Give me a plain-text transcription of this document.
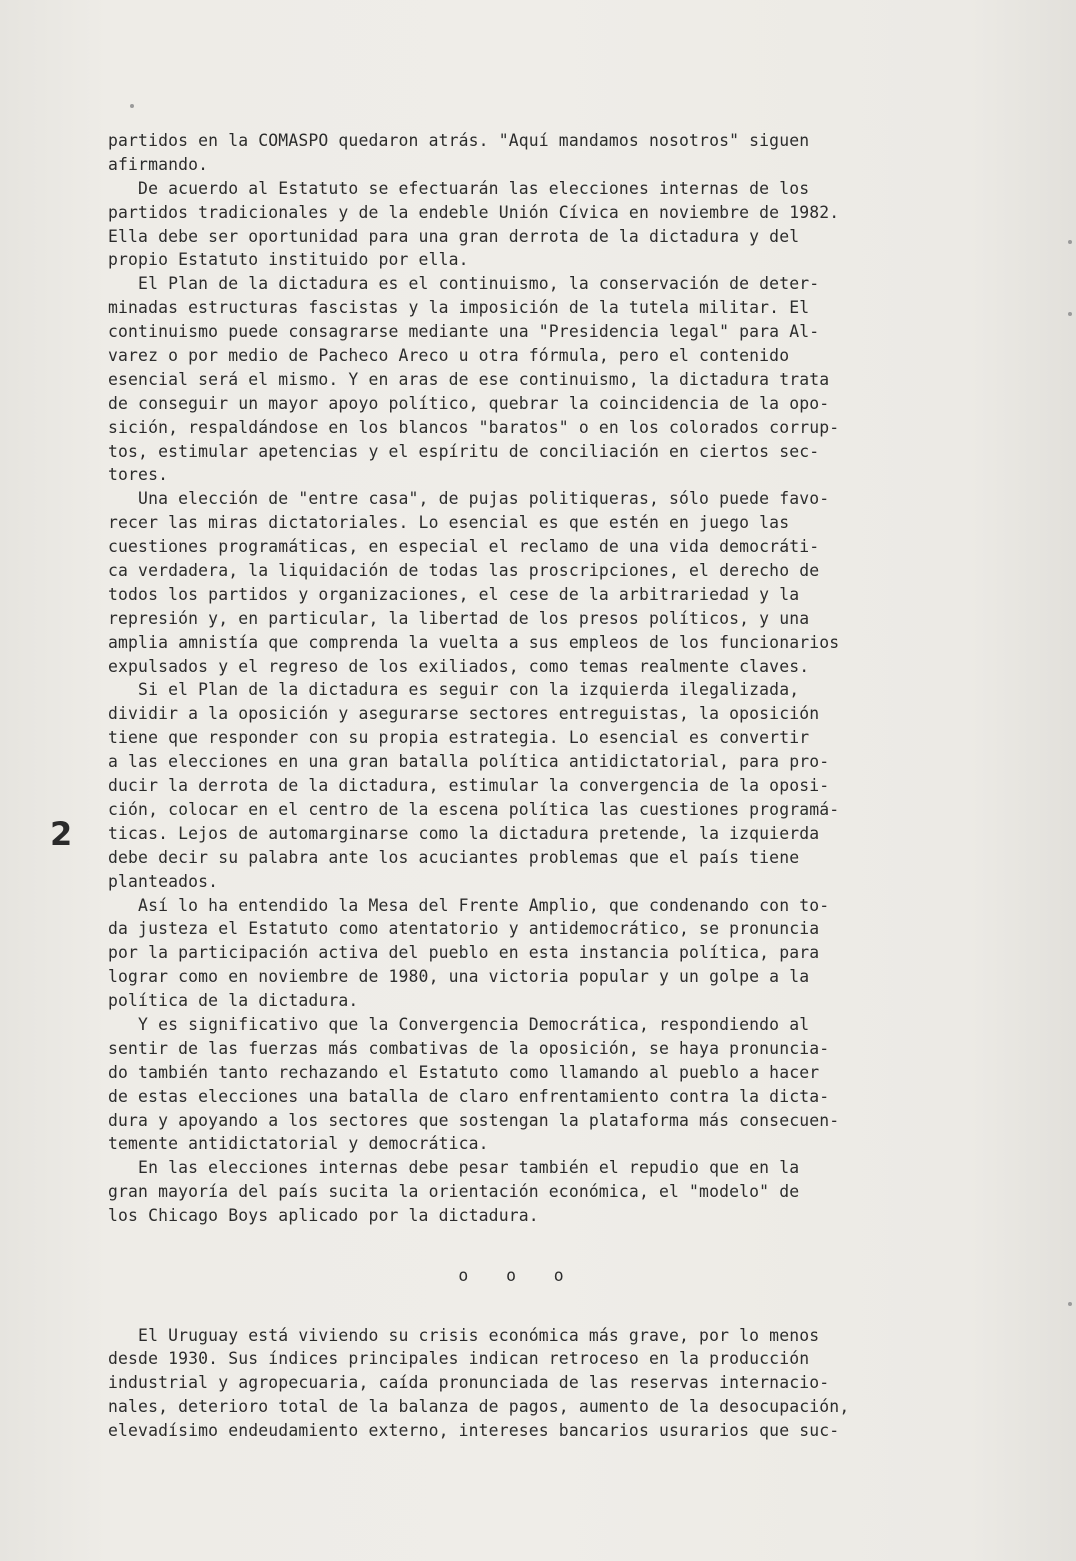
2
partidos en la COMASPO quedaron atrás. "Aquí mandamos nosotros" siguen
afirmando.
De acuerdo al Estatuto se efectuarán las elecciones internas de los
partidos tradicionales y de la endeble Unión Cívica en noviembre de 1982.
Ella debe ser oportunidad para una gran derrota de la dictadura y del
propio Estatuto instituido por ella.
El Plan de la dictadura es el continuismo, la conservación de deter-
minadas estructuras fascistas y la imposición de la tutela militar. El
continuismo puede consagrarse mediante una "Presidencia legal" para Al-
varez o por medio de Pacheco Areco u otra fórmula, pero el contenido
esencial será el mismo. Y en aras de ese continuismo, la dictadura trata
de conseguir un mayor apoyo político, quebrar la coincidencia de la opo-
sición, respaldándose en los blancos "baratos" o en los colorados corrup-
tos, estimular apetencias y el espíritu de conciliación en ciertos sec-
tores.
Una elección de "entre casa", de pujas politiqueras, sólo puede favo-
recer las miras dictatoriales. Lo esencial es que estén en juego las
cuestiones programáticas, en especial el reclamo de una vida democráti-
ca verdadera, la liquidación de todas las proscripciones, el derecho de
todos los partidos y organizaciones, el cese de la arbitrariedad y la
represión y, en particular, la libertad de los presos políticos, y una
amplia amnistía que comprenda la vuelta a sus empleos de los funcionarios
expulsados y el regreso de los exiliados, como temas realmente claves.
Si el Plan de la dictadura es seguir con la izquierda ilegalizada,
dividir a la oposición y asegurarse sectores entreguistas, la oposición
tiene que responder con su propia estrategia. Lo esencial es convertir
a las elecciones en una gran batalla política antidictatorial, para pro-
ducir la derrota de la dictadura, estimular la convergencia de la oposi-
ción, colocar en el centro de la escena política las cuestiones programá-
ticas. Lejos de automarginarse como la dictadura pretende, la izquierda
debe decir su palabra ante los acuciantes problemas que el país tiene
planteados.
Así lo ha entendido la Mesa del Frente Amplio, que condenando con to-
da justeza el Estatuto como atentatorio y antidemocrático, se pronuncia
por la participación activa del pueblo en esta instancia política, para
lograr como en noviembre de 1980, una victoria popular y un golpe a la
política de la dictadura.
Y es significativo que la Convergencia Democrática, respondiendo al
sentir de las fuerzas más combativas de la oposición, se haya pronuncia-
do también tanto rechazando el Estatuto como llamando al pueblo a hacer
de estas elecciones una batalla de claro enfrentamiento contra la dicta-
dura y apoyando a los sectores que sostengan la plataforma más consecuen-
temente antidictatorial y democrática.
En las elecciones internas debe pesar también el repudio que en la
gran mayoría del país sucita la orientación económica, el "modelo" de
los Chicago Boys aplicado por la dictadura.
o o o
El Uruguay está viviendo su crisis económica más grave, por lo menos
desde 1930. Sus índices principales indican retroceso en la producción
industrial y agropecuaria, caída pronunciada de las reservas internacio-
nales, deterioro total de la balanza de pagos, aumento de la desocupación,
elevadísimo endeudamiento externo, intereses bancarios usurarios que suc-
